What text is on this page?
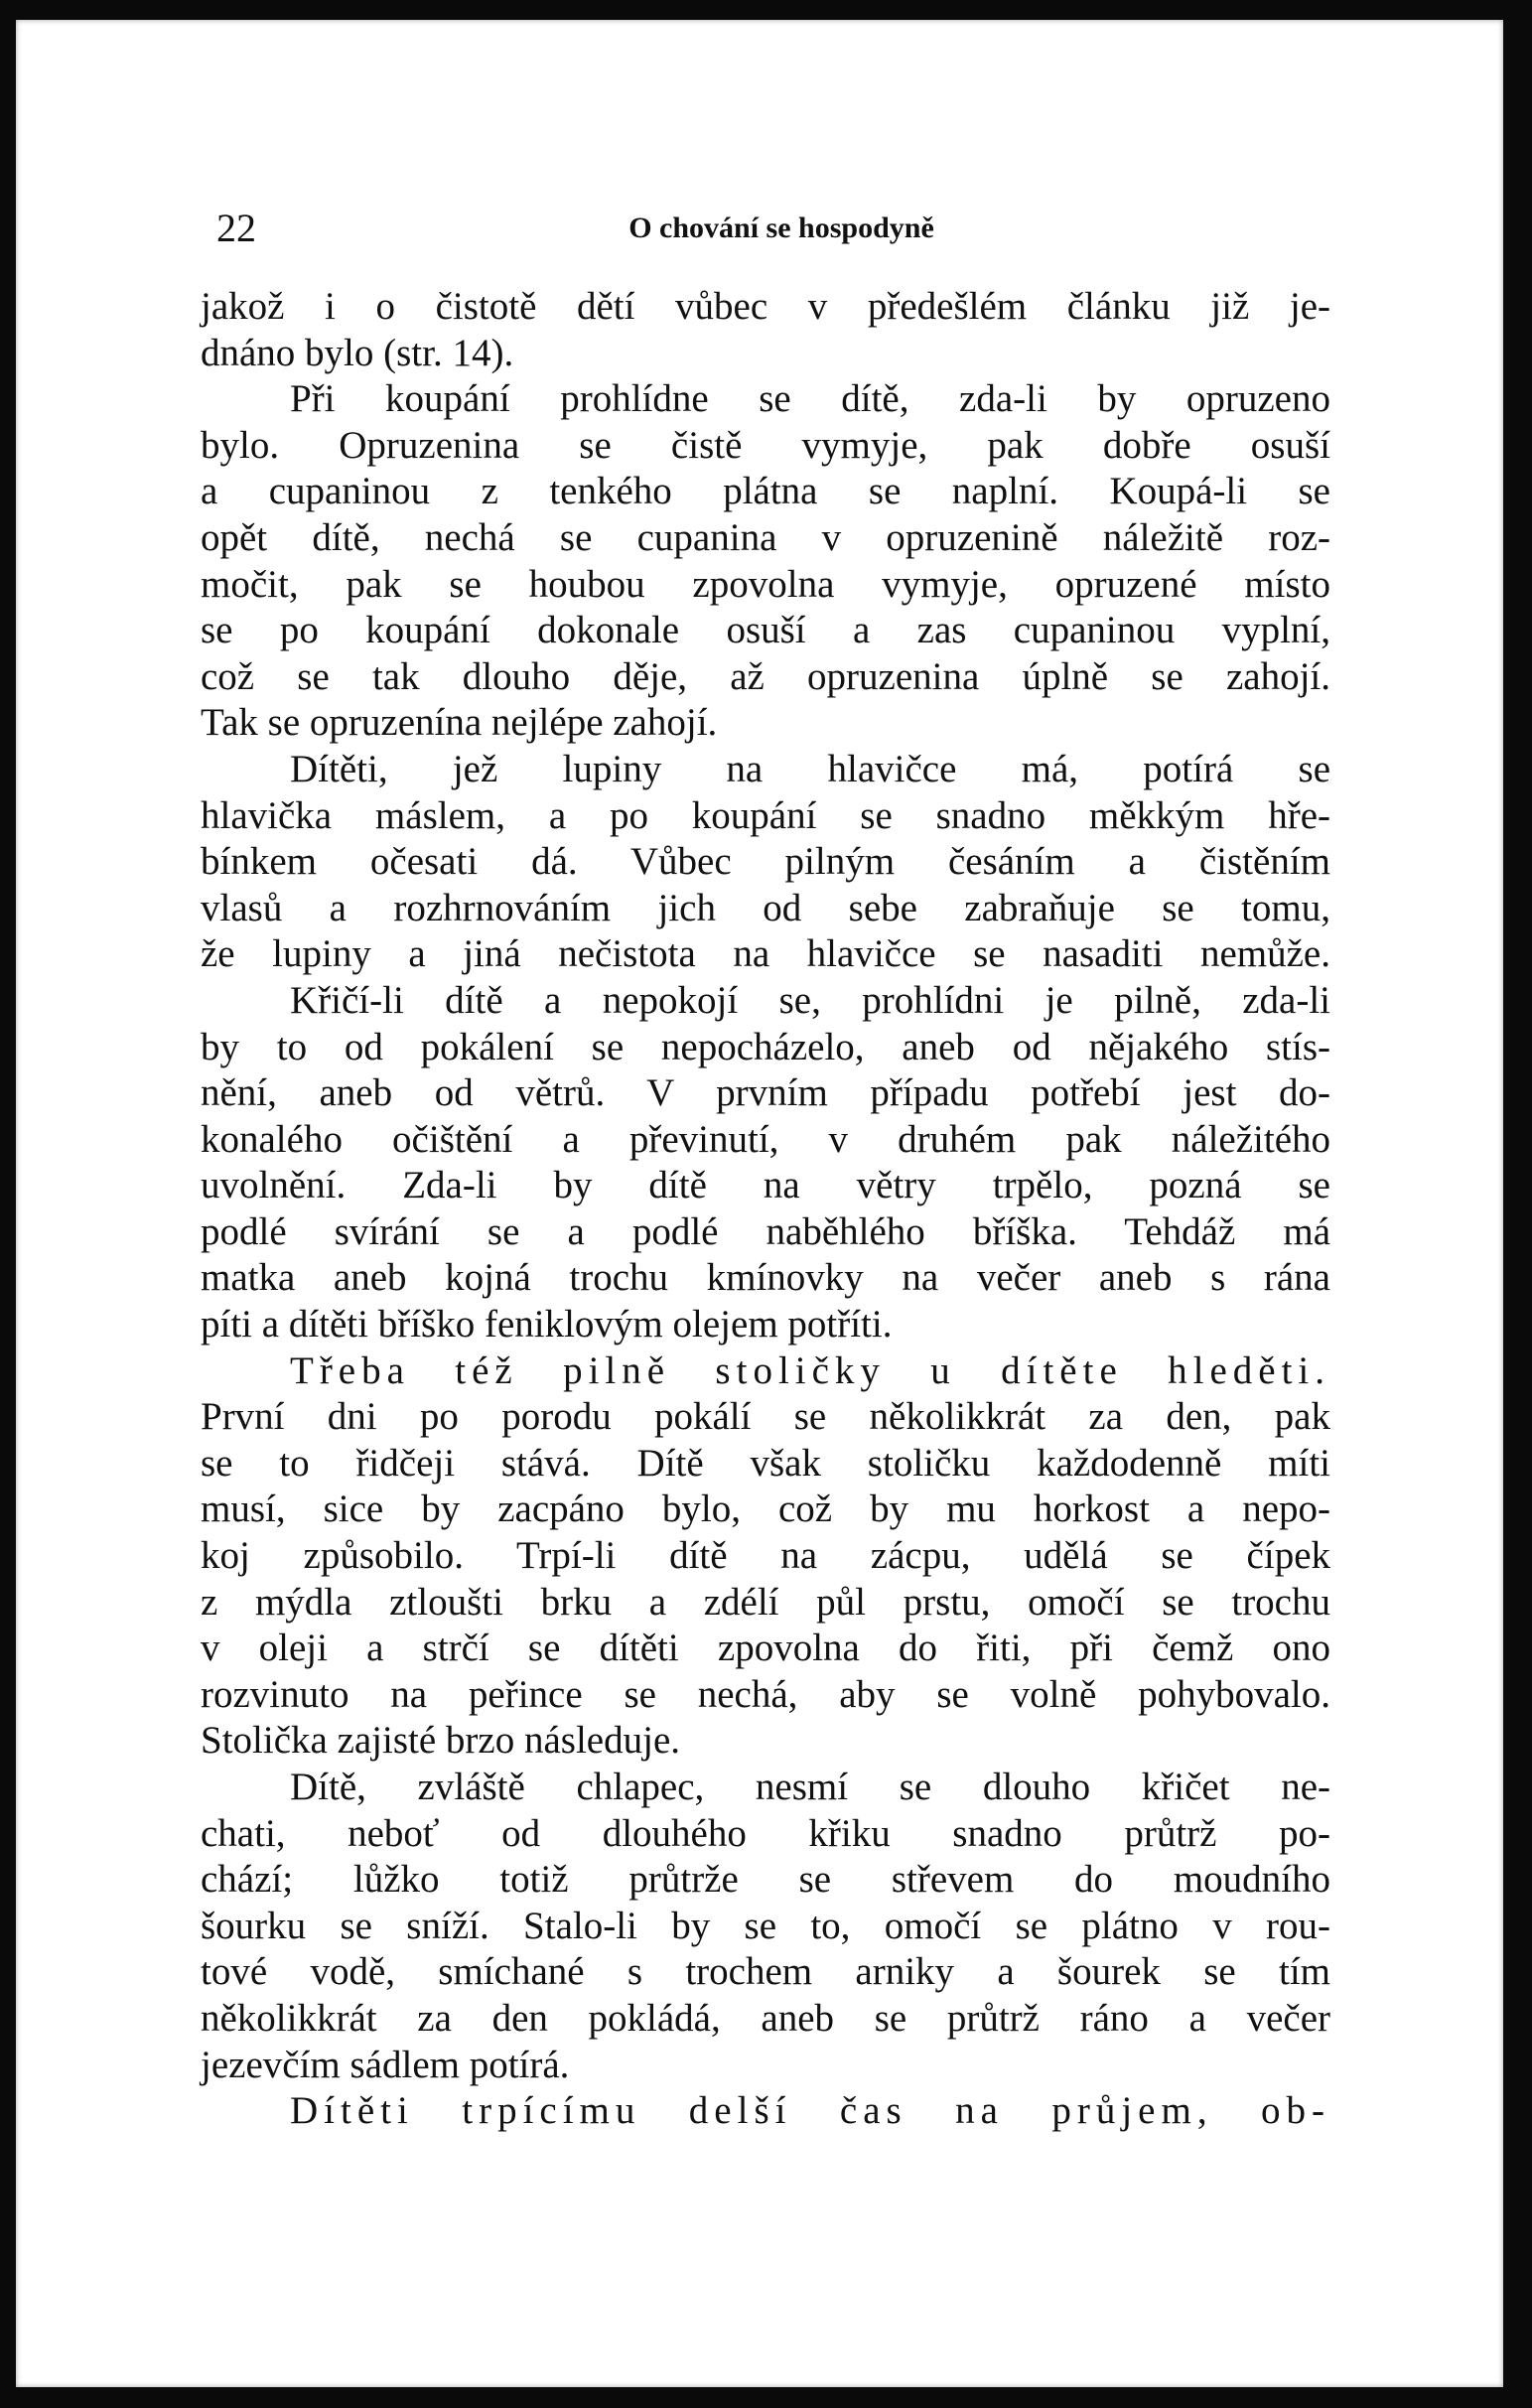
22	O chování se hospodyně
jakož i o čistotě dětí vůbec v předešlém článku již je-
dnáno bylo (str. 14).
Při koupání prohlídne se dítě, zda-li by opruzeno
bylo. Opruzenina se čistě vymyje, pak dobře osuší
a cupaninou z tenkého plátna se naplní. Koupá-li se
opět dítě, nechá se cupanina v opruzenině náležitě roz-
močit, pak se houbou zpovolna vymyje, opruzené místo
se po koupání dokonale osuší a zas cupaninou vyplní,
což se tak dlouho děje, až opruzenina úplně se zahojí.
Tak se opruzenína nejlépe zahojí.
Dítěti, jež lupiny na hlavičce má, potírá se
hlavička máslem, a po koupání se snadno měkkým hře-
bínkem očesati dá. Vůbec pilným česáním a čistěním
vlasů a rozhrnováním jich od sebe zabraňuje se tomu,
že lupiny a jiná nečistota na hlavičce se nasaditi nemůže.
Křičí-li dítě a nepokojí se, prohlídni je pilně, zda-li
by to od pokálení se nepocházelo, aneb od nějakého stís-
nění, aneb od větrů. V prvním případu potřebí jest do-
konalého očištění a převinutí, v druhém pak náležitého
uvolnění. Zda-li by dítě na větry trpělo, pozná se
podlé svírání se a podlé naběhlého bříška. Tehdáž má
matka aneb kojná trochu kmínovky na večer aneb s rána
píti a dítěti bříško feniklovým olejem potříti.
Třeba též pilně stoličky u dítěte hleděti.
První dni po porodu pokálí se několikkrát za den, pak
se to řidčeji stává. Dítě však stoličku každodenně míti
musí, sice by zacpáno bylo, což by mu horkost a nepo-
koj způsobilo. Trpí-li dítě na zácpu, udělá se čípek
z mýdla ztloušti brku a zdélí půl prstu, omočí se trochu
v oleji a strčí se dítěti zpovolna do řiti, při čemž ono
rozvinuto na peřince se nechá, aby se volně pohybovalo.
Stolička zajisté brzo následuje.
Dítě, zvláště chlapec, nesmí se dlouho křičet ne-
chati, neboť od dlouhého křiku snadno průtrž po-
chází; lůžko totiž průtrže se střevem do moudního
šourku se sníží. Stalo-li by se to, omočí se plátno v rou-
tové vodě, smíchané s trochem arniky a šourek se tím
několikkrát za den pokládá, aneb se průtrž ráno a večer
jezevčím sádlem potírá.
Dítěti trpícímu delší čas na průjem, ob-
